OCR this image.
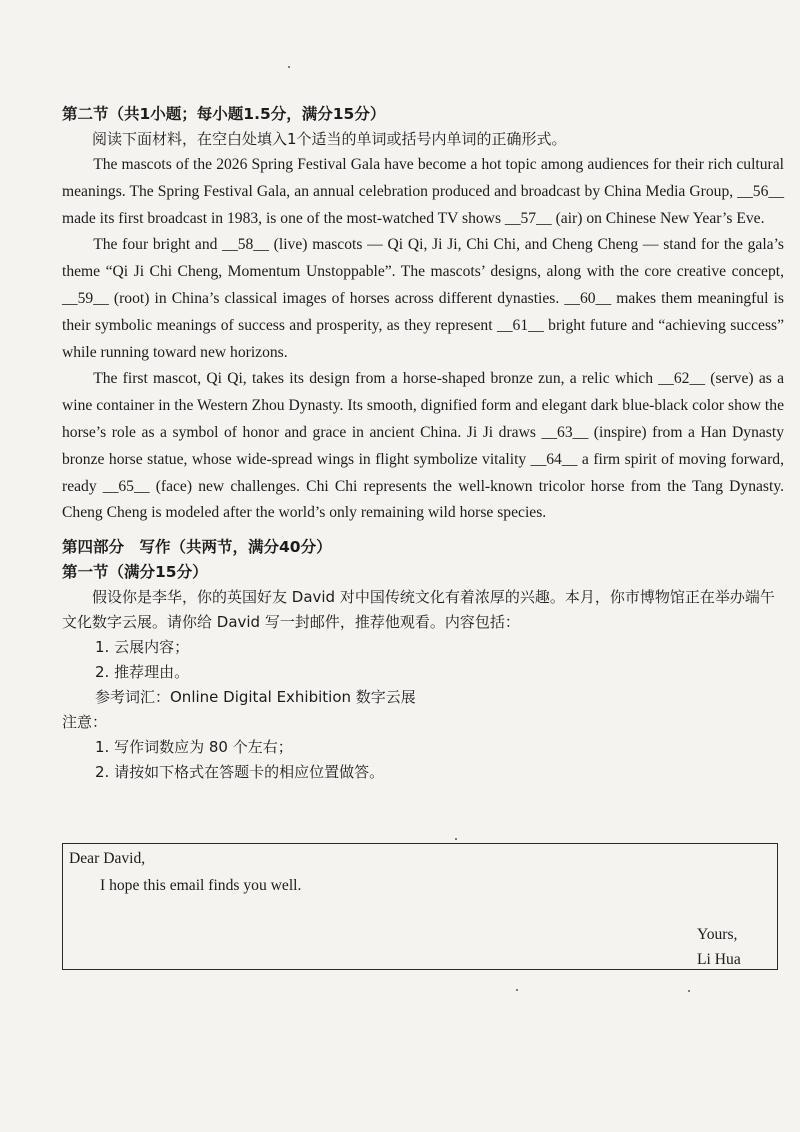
第二节（共1小题；每小题1.5分，满分15分）
阅读下面材料，在空白处填入1个适当的单词或括号内单词的正确形式。

The mascots of the 2026 Spring Festival Gala have become a hot topic among audiences for their rich cultural meanings. The Spring Festival Gala, an annual celebration produced and broadcast by China Media Group, __56__ made its first broadcast in 1983, is one of the most-watched TV shows __57__ (air) on Chinese New Year’s Eve.

The four bright and __58__ (live) mascots — Qi Qi, Ji Ji, Chi Chi, and Cheng Cheng — stand for the gala’s theme “Qi Ji Chi Cheng, Momentum Unstoppable”. The mascots’ designs, along with the core creative concept, __59__ (root) in China’s classical images of horses across different dynasties. __60__ makes them meaningful is their symbolic meanings of success and prosperity, as they represent __61__ bright future and “achieving success” while running toward new horizons.

The first mascot, Qi Qi, takes its design from a horse-shaped bronze zun, a relic which __62__ (serve) as a wine container in the Western Zhou Dynasty. Its smooth, dignified form and elegant dark blue-black color show the horse’s role as a symbol of honor and grace in ancient China. Ji Ji draws __63__ (inspire) from a Han Dynasty bronze horse statue, whose wide-spread wings in flight symbolize vitality __64__ a firm spirit of moving forward, ready __65__ (face) new challenges. Chi Chi represents the well-known tricolor horse from the Tang Dynasty. Cheng Cheng is modeled after the world’s only remaining wild horse species.

第四部分　写作（共两节，满分40分）
第一节（满分15分）
假设你是李华，你的英国好友 David 对中国传统文化有着浓厚的兴趣。本月，你市博物馆正在举办端午文化数字云展。请你给 David 写一封邮件，推荐他观看。内容包括：
1. 云展内容；
2. 推荐理由。
参考词汇：Online Digital Exhibition 数字云展
注意：
1. 写作词数应为 80 个左右；
2. 请按如下格式在答题卡的相应位置做答。
Dear David,
I hope this email finds you well.
Yours,
Li Hua
